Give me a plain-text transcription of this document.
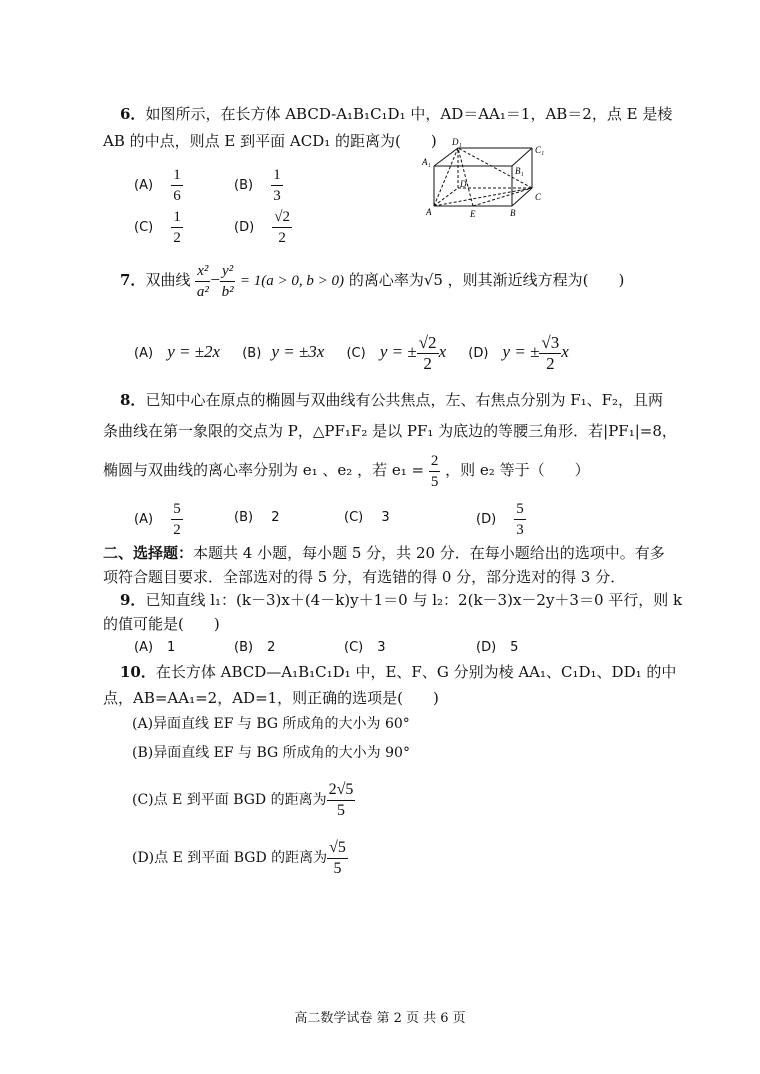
6．如图所示，在长方体 ABCD-A₁B₁C₁D₁ 中，AD＝AA₁＝1，AB＝2，点 E 是棱
AB 的中点，则点 E 到平面 ACD₁ 的距离为(　　)
$(A) \frac{1}{6}$	$(B) \frac{1}{3}$
$(C) \frac{1}{2}$	$(D) \frac{√2}{2}$
D₁
C₁
A₁
B₁
D
C
A	E	B
7．双曲线 $\frac{\text{x²}}{\text{a²}} - \frac{\text{y²}}{\text{b²}} = 1(a > 0$, b > 0) 的离心率为√5 ，则其渐近线方程为(　　)
(A) y = ±2x (B) y = ±3x (C) y = ± $\frac{√2}{2}$ x (D) y = ± $\frac{√3}{2}$ x
8．已知中心在原点的椭圆与双曲线有公共焦点，左、右焦点分别为 F₁、F₂，且两
条曲线在第一象限的交点为 P，△PF₁F₂ 是以 PF₁ 为底边的等腰三角形．若|PF₁|=8，
椭圆与双曲线的离心率分别为 e₁ 、e₂ ，若 $e_1 = \frac{2}{5}$ ，则 e₂ 等于（　　）
$(A) \frac{5}{2}$	(B) 2	(C) 3	$(D) \frac{5}{3}$
二、选择题：本题共 4 小题，每小题 5 分，共 20 分．在每小题给出的选项中。有多
项符合题目要求．全部选对的得 5 分，有选错的得 0 分，部分选对的得 3 分．
9．已知直线 l₁：(k－3)x＋(4－k)y＋1＝0 与 l₂：2(k－3)x－2y＋3＝0 平行，则 k
的值可能是(　　)
(A) 1	(B) 2	(C) 3	(D) 5
10．在长方体 ABCD—A₁B₁C₁D₁ 中，E、F、G 分别为棱 AA₁、C₁D₁、DD₁ 的中
点，AB=AA₁=2，AD=1，则正确的选项是(　　)
(A)异面直线 EF 与 BG 所成角的大小为 60°
(B)异面直线 EF 与 BG 所成角的大小为 90°
(C)点 E 到平面 BGD 的距离为 $\frac{2√5}{5}$
(D)点 E 到平面 BGD 的距离为 $\frac{√5}{5}$
高二数学试卷 第 2 页 共 6 页
